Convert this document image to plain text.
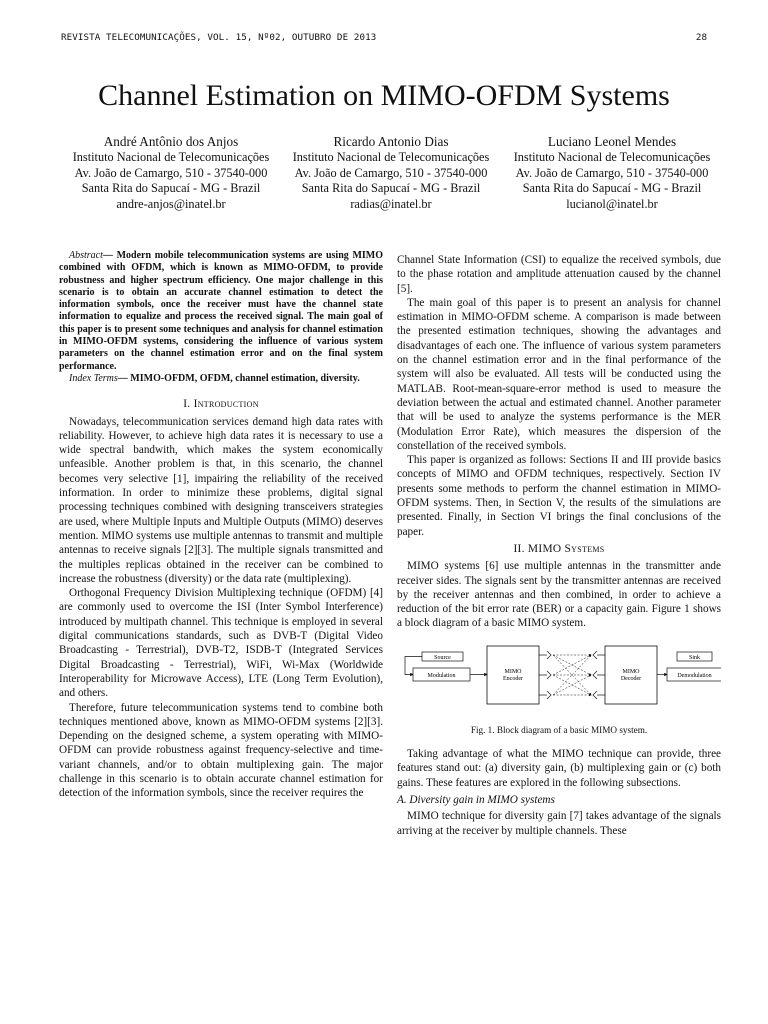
REVISTA TELECOMUNICAÇÕES, VOL. 15, Nº02, OUTUBRO DE 2013	28
Channel Estimation on MIMO-OFDM Systems
André Antônio dos Anjos
Instituto Nacional de Telecomunicações
Av. João de Camargo, 510 - 37540-000
Santa Rita do Sapucaí - MG - Brazil
andre-anjos@inatel.br
Ricardo Antonio Dias
Instituto Nacional de Telecomunicações
Av. João de Camargo, 510 - 37540-000
Santa Rita do Sapucaí - MG - Brazil
radias@inatel.br
Luciano Leonel Mendes
Instituto Nacional de Telecomunicações
Av. João de Camargo, 510 - 37540-000
Santa Rita do Sapucaí - MG - Brazil
lucianol@inatel.br

Abstract— Modern mobile telecommunication systems are using MIMO combined with OFDM, which is known as MIMO-OFDM, to provide robustness and higher spectrum efficiency. One major challenge in this scenario is to obtain an accurate channel estimation to detect the information symbols, once the receiver must have the channel state information to equalize and process the received signal. The main goal of this paper is to present some techniques and analysis for channel estimation in MIMO-OFDM systems, considering the influence of various system parameters on the channel estimation error and on the final system performance.

Index Terms— MIMO-OFDM, OFDM, channel estimation, diversity.

I. Introduction

Nowadays, telecommunication services demand high data rates with reliability. However, to achieve high data rates it is necessary to use a wide spectral bandwith, which makes the system economically unfeasible. Another problem is that, in this scenario, the channel becomes very selective [1], impairing the reliability of the received information. In order to minimize these problems, digital signal processing techniques combined with designing transceivers strategies are used, where Multiple Inputs and Multiple Outputs (MIMO) deserves mention. MIMO systems use multiple antennas to transmit and multiple antennas to receive signals [2][3]. The multiple signals transmitted and the multiples replicas obtained in the receiver can be combined to increase the robustness (diversity) or the data rate (multiplexing).

Orthogonal Frequency Division Multiplexing technique (OFDM) [4] are commonly used to overcome the ISI (Inter Symbol Interference) introduced by multipath channel. This technique is employed in several digital communications standards, such as DVB-T (Digital Video Broadcasting - Terrestrial), DVB-T2, ISDB-T (Integrated Services Digital Broadcasting - Terrestrial), WiFi, Wi-Max (Worldwide Interoperability for Microwave Access), LTE (Long Term Evolution), and others.

Therefore, future telecommunication systems tend to combine both techniques mentioned above, known as MIMO-OFDM systems [2][3]. Depending on the designed scheme, a system operating with MIMO-OFDM can provide robustness against frequency-selective and time-variant channels, and/or to obtain multiplexing gain. The major challenge in this scenario is to obtain accurate channel estimation for detection of the information symbols, since the receiver requires the

Channel State Information (CSI) to equalize the received symbols, due to the phase rotation and amplitude attenuation caused by the channel [5].

The main goal of this paper is to present an analysis for channel estimation in MIMO-OFDM scheme. A comparison is made between the presented estimation techniques, showing the advantages and disadvantages of each one. The influence of various system parameters on the channel estimation error and in the final performance of the system will also be evaluated. All tests will be conducted using the MATLAB. Root-mean-square-error method is used to measure the deviation between the actual and estimated channel. Another parameter that will be used to analyze the systems performance is the MER (Modulation Error Rate), which measures the dispersion of the constellation of the received symbols.

This paper is organized as follows: Sections II and III provide basics concepts of MIMO and OFDM techniques, respectively. Section IV presents some methods to perform the channel estimation in MIMO-OFDM systems. Then, in Section V, the results of the simulations are presented. Finally, in Section VI brings the final conclusions of the paper.

II. MIMO Systems

MIMO systems [6] use multiple antennas in the transmitter ande receiver sides. The signals sent by the transmitter antennas are received by the receiver antennas and then combined, in order to achieve a reduction of the bit error rate (BER) or a capacity gain. Figure 1 shows a block diagram of a basic MIMO system.

Source
Modulation
MIMO
Encoder
MIMO
Decoder	Demodulation
Sink
Fig. 1. Block diagram of a basic MIMO system.

Taking advantage of what the MIMO technique can provide, three features stand out: (a) diversity gain, (b) multiplexing gain or (c) both gains. These features are explored in the following subsections.

A. Diversity gain in MIMO systems

MIMO technique for diversity gain [7] takes advantage of the signals arriving at the receiver by multiple channels. These
